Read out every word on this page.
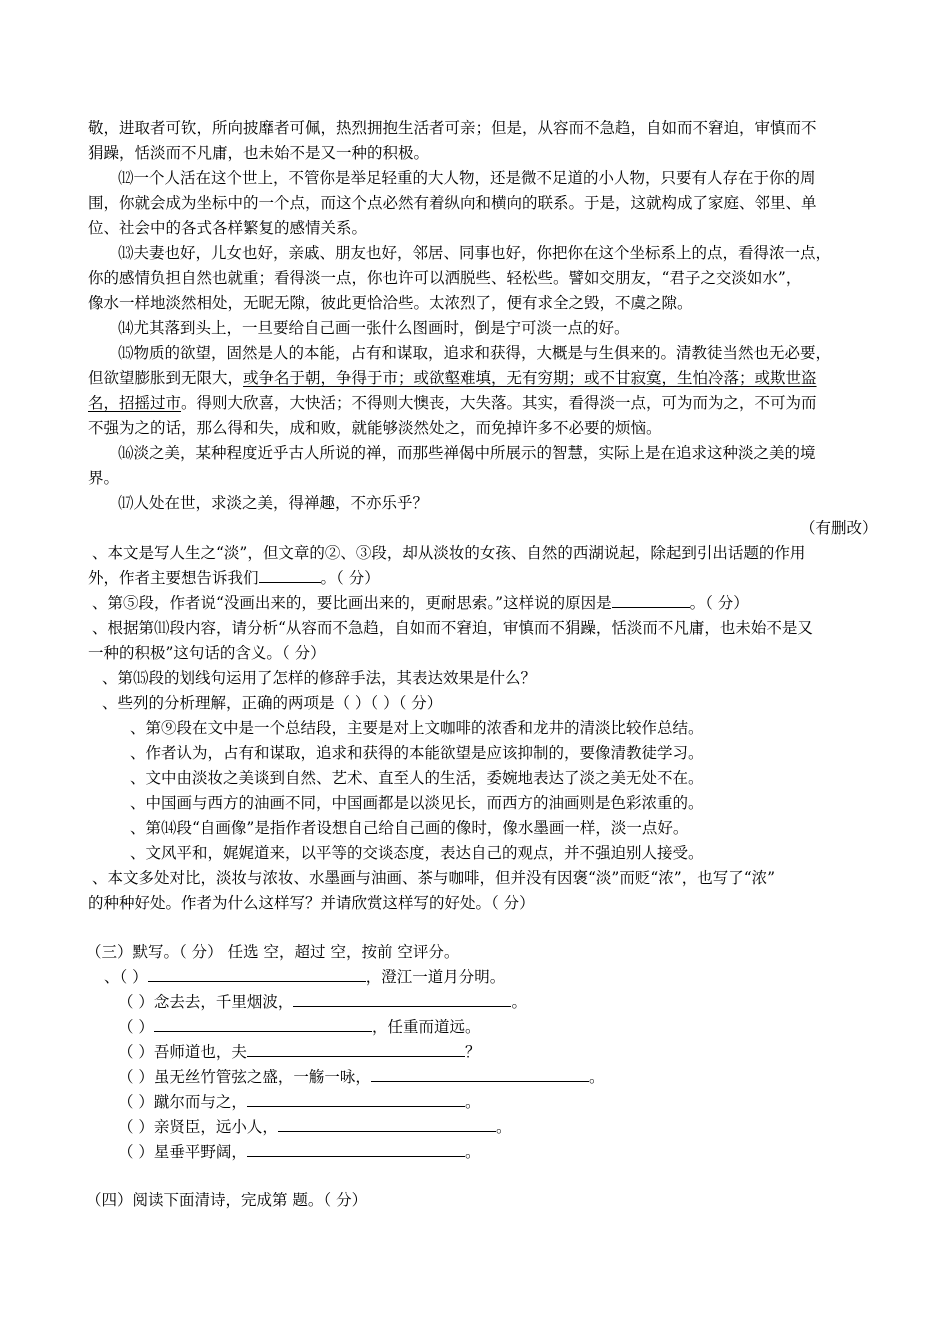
敬，进取者可钦，所向披靡者可佩，热烈拥抱生活者可亲；但是，从容而不急趋，自如而不窘迫，审慎而不
狷躁，恬淡而不凡庸，也未始不是又一种的积极。
⑿一个人活在这个世上，不管你是举足轻重的大人物，还是微不足道的小人物，只要有人存在于你的周
围，你就会成为坐标中的一个点，而这个点必然有着纵向和横向的联系。于是，这就构成了家庭、邻里、单
位、社会中的各式各样繁复的感情关系。
⒀夫妻也好，儿女也好，亲戚、朋友也好，邻居、同事也好，你把你在这个坐标系上的点，看得浓一点，
你的感情负担自然也就重；看得淡一点，你也许可以洒脱些、轻松些。譬如交朋友，“君子之交淡如水”，
像水一样地淡然相处，无昵无隙，彼此更恰洽些。太浓烈了，便有求全之毁，不虞之隙。
⒁尤其落到头上，一旦要给自己画一张什么图画时，倒是宁可淡一点的好。
⒂物质的欲望，固然是人的本能，占有和谋取，追求和获得，大概是与生俱来的。清教徒当然也无必要，
但欲望膨胀到无限大，或争名于朝，争得于市；或欲壑难填，无有穷期；或不甘寂寞，生怕冷落；或欺世盗
名，招摇过市。得则大欣喜，大快活；不得则大懊丧，大失落。其实，看得淡一点，可为而为之，不可为而
不强为之的话，那么得和失，成和败，就能够淡然处之，而免掉许多不必要的烦恼。
⒃淡之美，某种程度近乎古人所说的禅，而那些禅偈中所展示的智慧，实际上是在追求这种淡之美的境
界。
⒄人处在世，求淡之美，得禅趣，不亦乐乎？
（有删改）
、本文是写人生之“淡”，但文章的②、③段，却从淡妆的女孩、自然的西湖说起，除起到引出话题的作用
外，作者主要想告诉我们	。（ 分）
、第⑤段，作者说“没画出来的，要比画出来的，更耐思索。”这样说的原因是	。（ 分）
、根据第⑾段内容，请分析“从容而不急趋，自如而不窘迫，审慎而不狷躁，恬淡而不凡庸，也未始不是又
一种的积极”这句话的含义。（ 分）
、第⒂段的划线句运用了怎样的修辞手法，其表达效果是什么？
、些列的分析理解，正确的两项是（ ）（ ）（ 分）
、第⑨段在文中是一个总结段，主要是对上文咖啡的浓香和龙井的清淡比较作总结。
、作者认为，占有和谋取，追求和获得的本能欲望是应该抑制的，要像清教徒学习。
、文中由淡妆之美谈到自然、艺术、直至人的生活，委婉地表达了淡之美无处不在。
、中国画与西方的油画不同，中国画都是以淡见长，而西方的油画则是色彩浓重的。
、第⒁段“自画像”是指作者设想自己给自己画的像时，像水墨画一样，淡一点好。
、文风平和，娓娓道来，以平等的交谈态度，表达自己的观点，并不强迫别人接受。
、本文多处对比，淡妆与浓妆、水墨画与油画、茶与咖啡，但并没有因褒“淡”而贬“浓”，也写了“浓”
的种种好处。作者为什么这样写？并请欣赏这样写的好处。（ 分）
（三）默写。（ 分） 任选 空，超过 空，按前 空评分。
、（ ）	，澄江一道月分明。
（ ）念去去，千里烟波，	。
（ ）	，任重而道远。
（ ）吾师道也，夫	？
（ ）虽无丝竹管弦之盛，一觞一咏，	。
（ ）蹴尔而与之，	。
（ ）亲贤臣，远小人，	。
（ ）星垂平野阔，	。
（四）阅读下面清诗，完成第 题。（ 分）
